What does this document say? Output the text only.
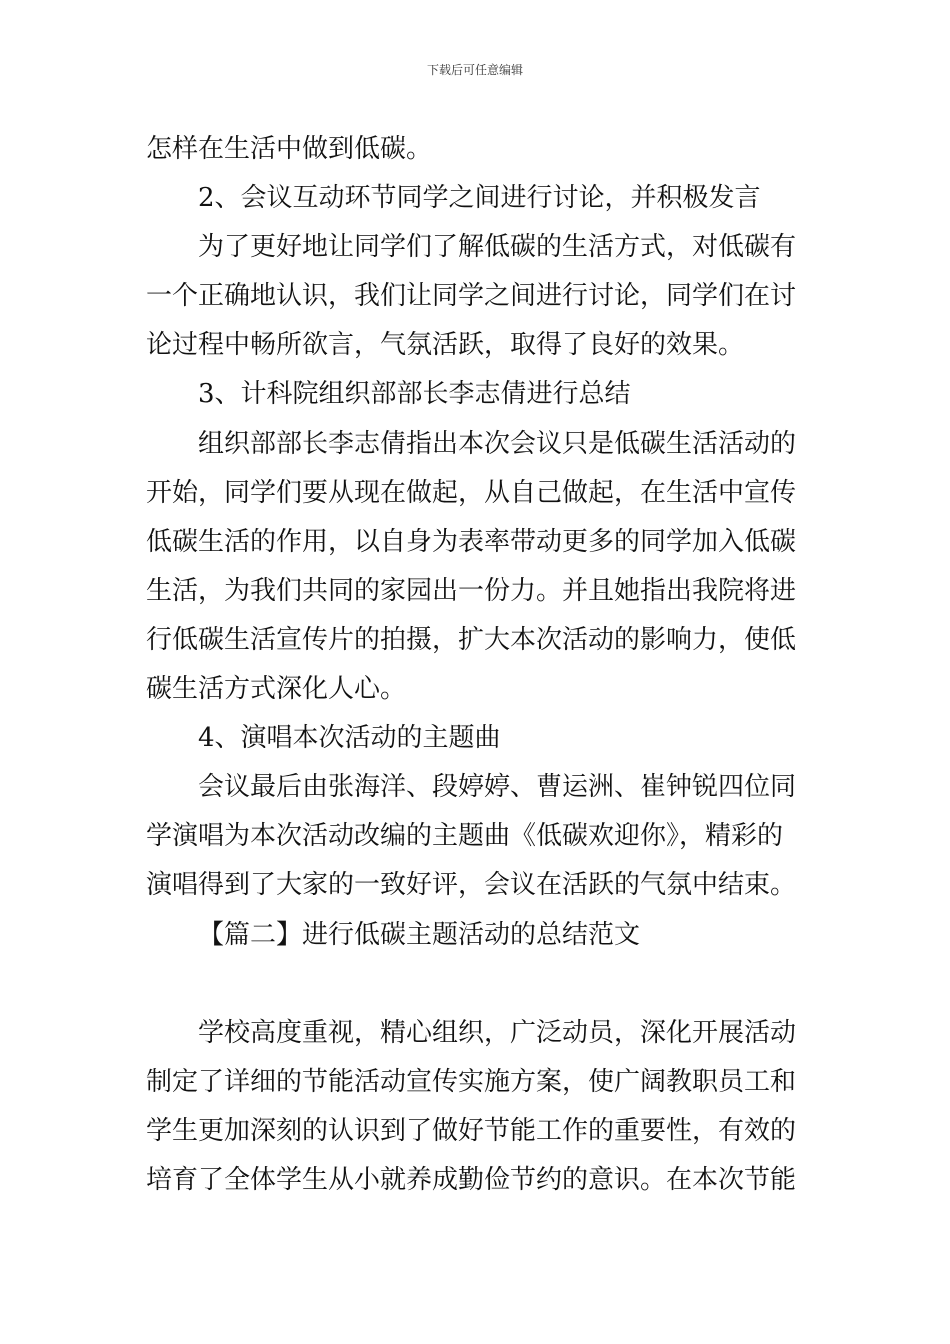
下载后可任意编辑
怎样在生活中做到低碳。
2、会议互动环节同学之间进行讨论，并积极发言
为了更好地让同学们了解低碳的生活方式，对低碳有
一个正确地认识，我们让同学之间进行讨论，同学们在讨
论过程中畅所欲言，气氛活跃，取得了良好的效果。
3、计科院组织部部长李志倩进行总结
组织部部长李志倩指出本次会议只是低碳生活活动的
开始，同学们要从现在做起，从自己做起，在生活中宣传
低碳生活的作用，以自身为表率带动更多的同学加入低碳
生活，为我们共同的家园出一份力。并且她指出我院将进
行低碳生活宣传片的拍摄，扩大本次活动的影响力，使低
碳生活方式深化人心。
4、演唱本次活动的主题曲
会议最后由张海洋、段婷婷、曹运洲、崔钟锐四位同
学演唱为本次活动改编的主题曲《低碳欢迎你》，精彩的
演唱得到了大家的一致好评，会议在活跃的气氛中结束。
【篇二】进行低碳主题活动的总结范文
学校高度重视，精心组织，广泛动员，深化开展活动
制定了详细的节能活动宣传实施方案，使广阔教职员工和
学生更加深刻的认识到了做好节能工作的重要性，有效的
培育了全体学生从小就养成勤俭节约的意识。在本次节能
